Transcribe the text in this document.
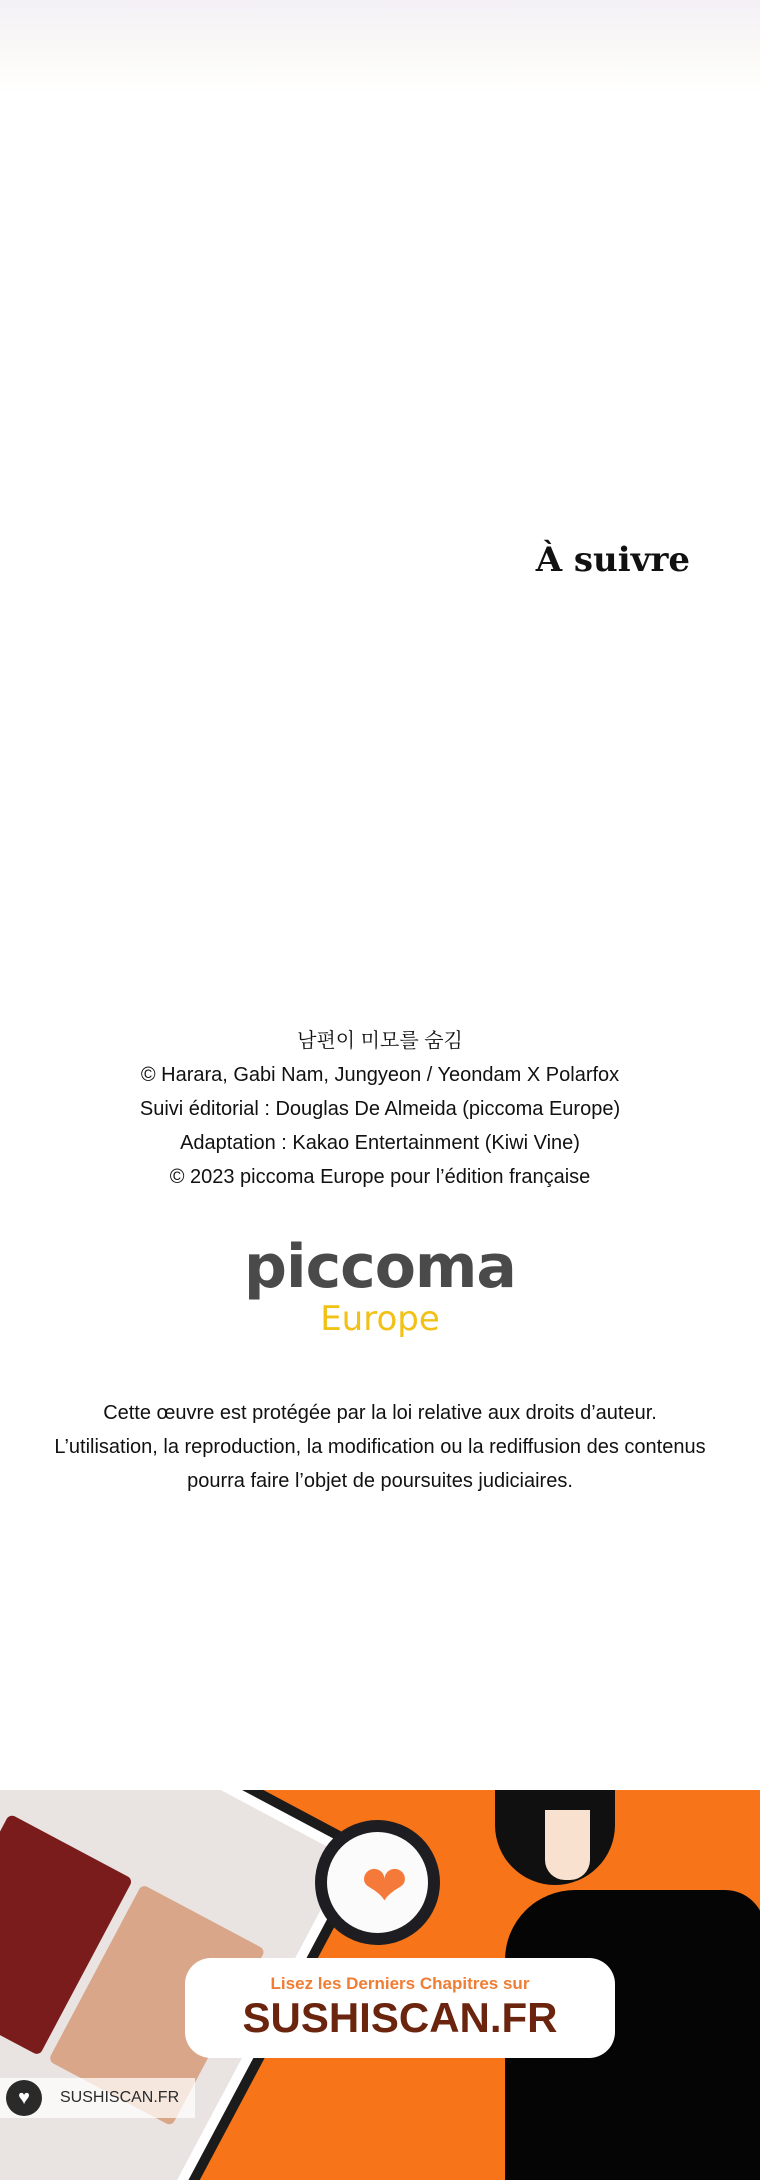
À suivre
남편이 미모를 숨김
© Harara, Gabi Nam, Jungyeon / Yeondam X Polarfox
Suivi éditorial : Douglas De Almeida (piccoma Europe)
Adaptation : Kakao Entertainment (Kiwi Vine)
© 2023 piccoma Europe pour l’édition française
piccoma
Europe
Cette œuvre est protégée par la loi relative aux droits d’auteur.
L’utilisation, la reproduction, la modification ou la rediffusion des contenus
pourra faire l’objet de poursuites judiciaires.
❤
Lisez les Derniers Chapitres sur
SUSHISCAN.FR
♥	SUSHISCAN.FR
